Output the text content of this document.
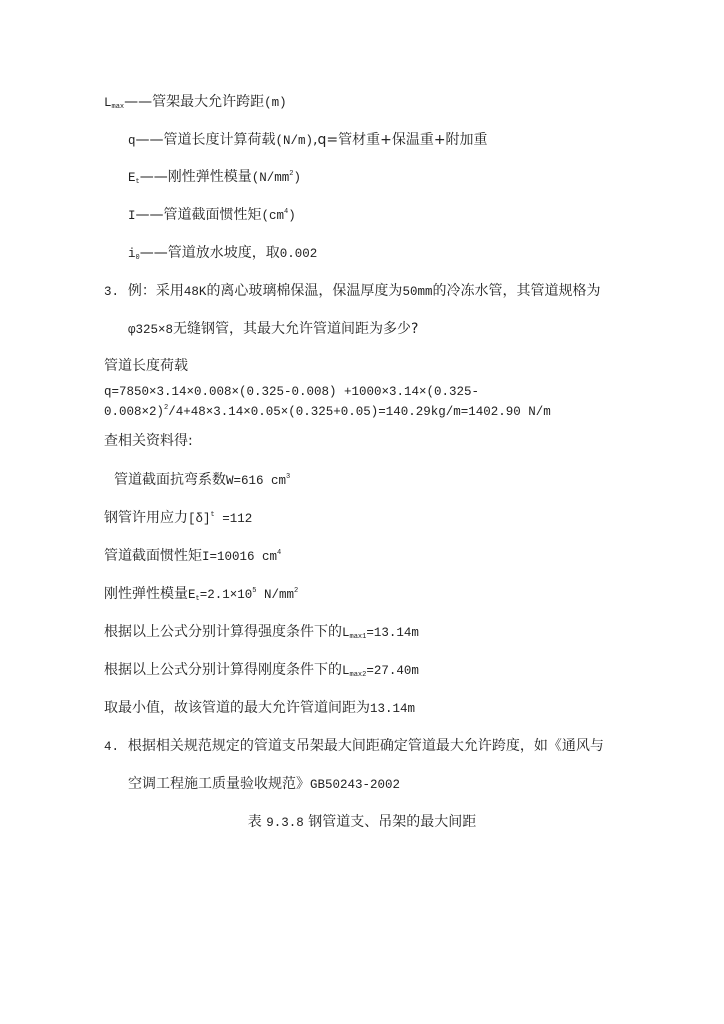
Lmax——管架最大允许跨距(m)
q——管道长度计算荷载(N/m),q=管材重+保温重+附加重
Et——刚性弹性模量$(N/mm^2)$
I——管道截面惯性矩$(cm^4)$
i0——管道放水坡度，取0.002
3. 例：采用48K的离心玻璃棉保温，保温厚度为50mm的冷冻水管，其管道规格为
φ325×8无缝钢管，其最大允许管道间距为多少?
管道长度荷载
q=7850×3.14×0.008×(0.325-0.008) +1000×3.14×(0.325-
0.008×2)$^2$/4+48×3.14×0.05×(0.325+0.05)=140.29kg/m=1402.90 N/m
查相关资料得:
管道截面抗弯系数W=616 $cm^3$
钢管许用应力$[\delta]^t =112$
管道截面惯性矩I=10016 $cm^4$
刚性弹性模量$Et=2.1\times 10^5$ $N/mm^2$
根据以上公式分别计算得强度条件下的Lmax1=13.14m
根据以上公式分别计算得刚度条件下的Lmax2=27.40m
取最小值，故该管道的最大允许管道间距为13.14m
4. 根据相关规范规定的管道支吊架最大间距确定管道最大允许跨度，如《通风与
空调工程施工质量验收规范》GB50243-2002
表 9.3.8 钢管道支、吊架的最大间距
